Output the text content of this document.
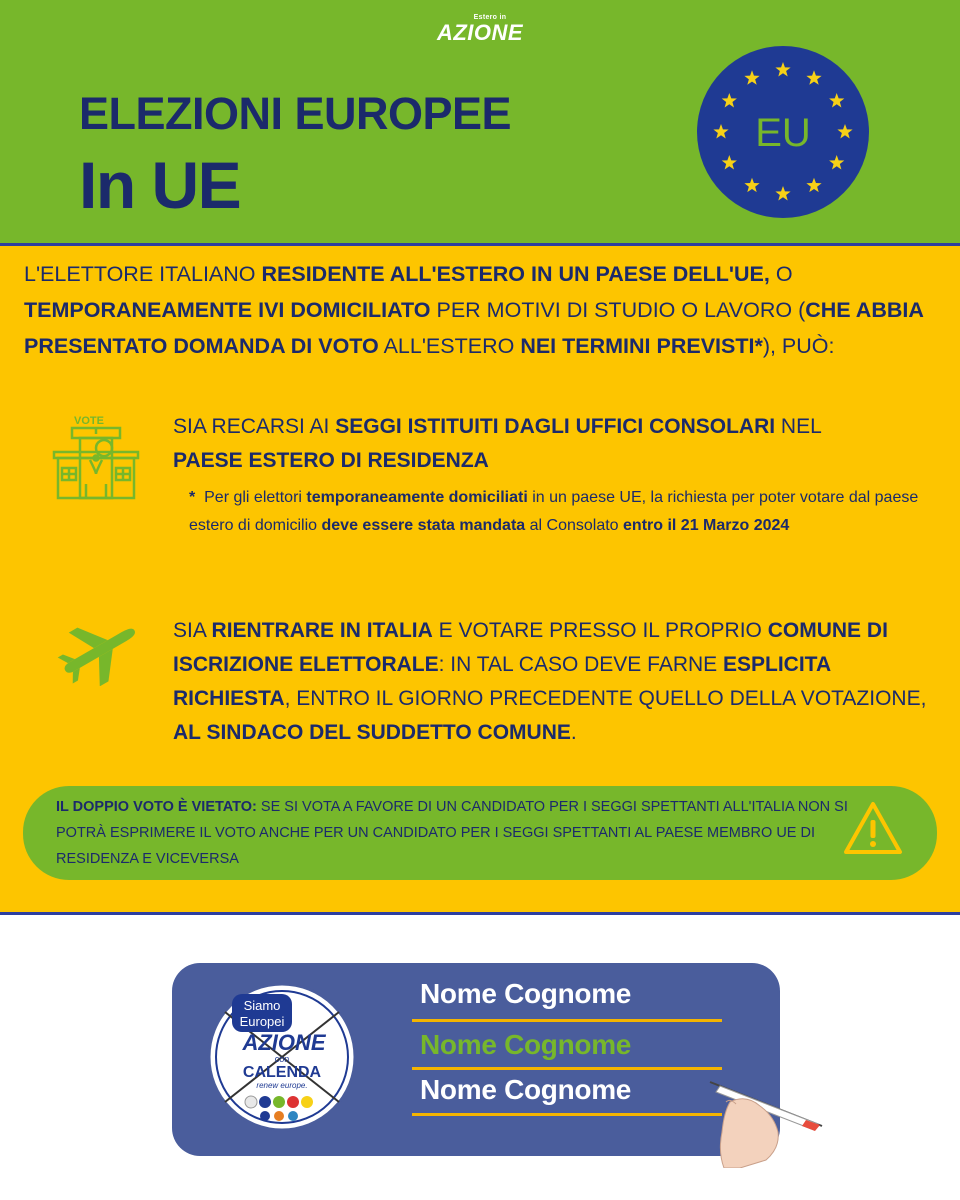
Estero in
AZIONE
ELEZIONI EUROPEE
In UE
EU
L'ELETTORE ITALIANO RESIDENTE ALL'ESTERO IN UN PAESE DELL'UE, O TEMPORANEAMENTE IVI DOMICILIATO PER MOTIVI DI STUDIO O LAVORO (CHE ABBIA PRESENTATO DOMANDA DI VOTO ALL'ESTERO NEI TERMINI PREVISTI*), PUÒ:
VOTE	SIA RECARSI AI SEGGI ISTITUITI DAGLI UFFICI CONSOLARI NEL
PAESE ESTERO DI RESIDENZA
* Per gli elettori temporaneamente domiciliati in un paese UE, la richiesta per poter votare dal paese estero di domicilio deve essere stata mandata al Consolato entro il 21 Marzo 2024
SIA RIENTRARE IN ITALIA E VOTARE PRESSO IL PROPRIO COMUNE DI ISCRIZIONE ELETTORALE: IN TAL CASO DEVE FARNE ESPLICITA RICHIESTA, ENTRO IL GIORNO PRECEDENTE QUELLO DELLA VOTAZIONE, AL SINDACO DEL SUDDETTO COMUNE.
IL DOPPIO VOTO È VIETATO: SE SI VOTA A FAVORE DI UN CANDIDATO PER I SEGGI SPETTANTI ALL'ITALIA NON SI POTRÀ ESPRIMERE IL VOTO ANCHE PER UN CANDIDATO PER I SEGGI SPETTANTI AL PAESE MEMBRO UE DI RESIDENZA E VICEVERSA
Siamo
Europei
AZIONE
con
CALENDA
renew europe.
Nome Cognome
Nome Cognome
Nome Cognome
